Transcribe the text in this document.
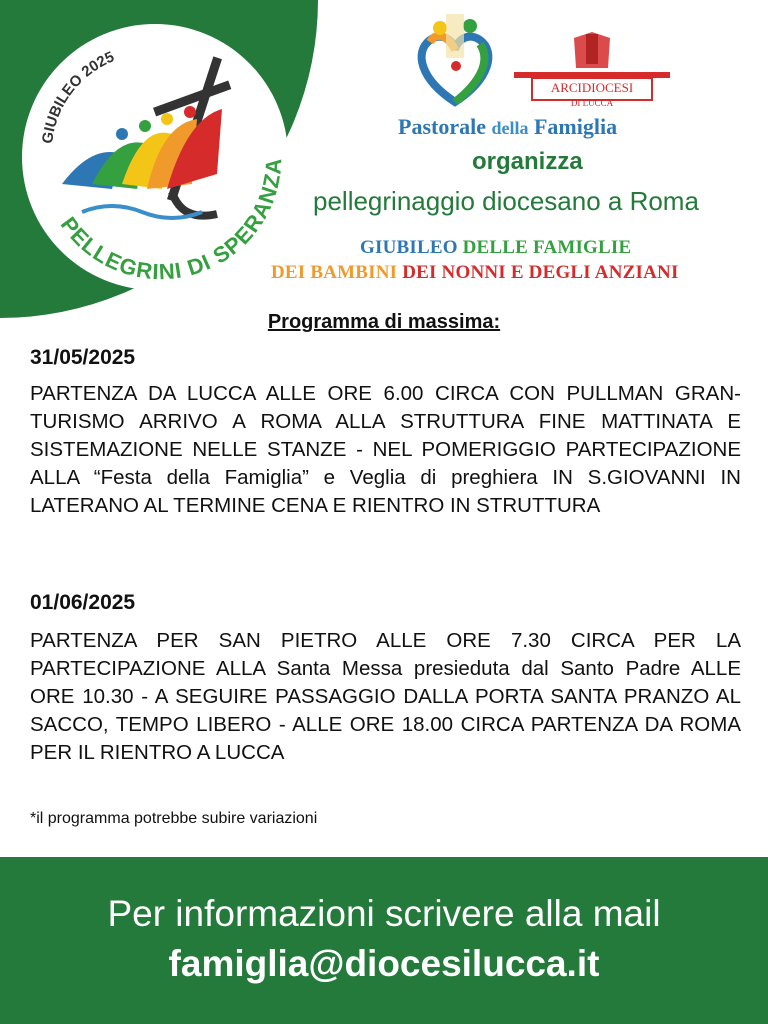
GIUBILEO 2025
PELLEGRINI DI SPERANZA
ARCIDIOCESI
DI LUCCA
Pastorale della Famiglia
organizza
pellegrinaggio diocesano a Roma
GIUBILEO DELLE FAMIGLIE
DEI BAMBINI DEI NONNI E DEGLI ANZIANI
Programma di massima:
31/05/2025
PARTENZA DA LUCCA ALLE ORE 6.00 CIRCA CON PULLMAN GRAN-TURISMO ARRIVO A ROMA ALLA STRUTTURA FINE MATTINATA E SISTEMAZIONE NELLE STANZE - NEL POMERIGGIO PARTECIPAZIONE ALLA “Festa della Famiglia” e Veglia di preghiera IN S.GIOVANNI IN LATERANO AL TERMINE CENA E RIENTRO IN STRUTTURA
01/06/2025
PARTENZA PER SAN PIETRO ALLE ORE 7.30 CIRCA PER LA PARTECIPAZIONE ALLA Santa Messa presieduta dal Santo Padre ALLE ORE 10.30 - A SEGUIRE PASSAGGIO DALLA PORTA SANTA PRANZO AL SACCO, TEMPO LIBERO - ALLE ORE 18.00 CIRCA PARTENZA DA ROMA PER IL RIENTRO A LUCCA
*il programma potrebbe subire variazioni
Per informazioni scrivere alla mail
famiglia@diocesilucca.it
